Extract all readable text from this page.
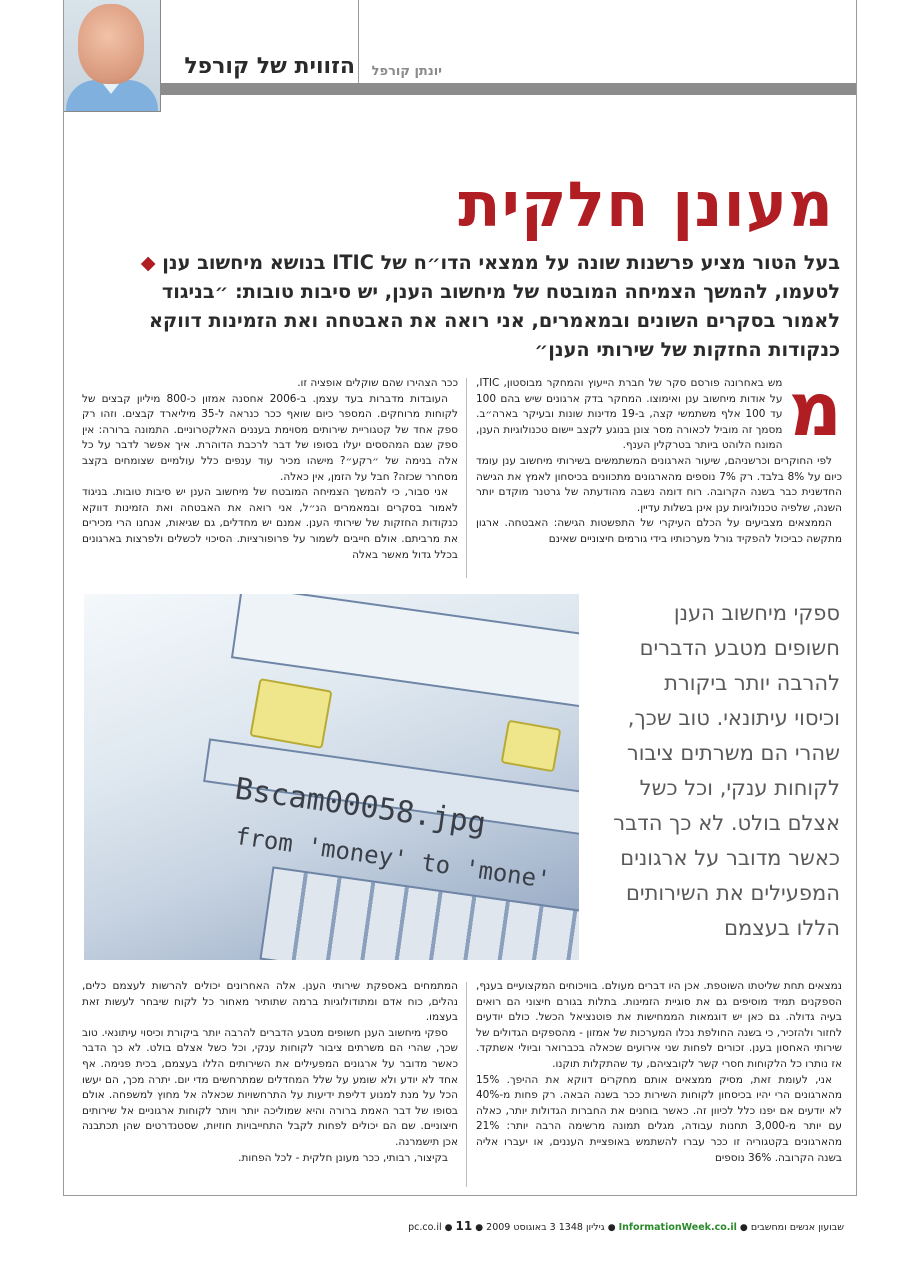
הזווית של קורפל יונתן קורפל
מעונן חלקית
בעל הטור מציע פרשנות שונה על ממצאי הדו״ח של ITIC בנושא מיחשוב ענן ◆ לטעמו, להמשך הצמיחה המובטח של מיחשוב הענן, יש סיבות טובות: ״בניגוד לאמור בסקרים השונים ובמאמרים, אני רואה את האבטחה ואת הזמינות דווקא כנקודות החזקות של שירותי הענן״
מ

מש באחרונה פורסם סקר של חברת הייעוץ והמחקר מבוסטון, ITIC, על אודות מיחשוב ענן ואימוצו. המחקר בדק ארגונים שיש בהם 100 עד 100 אלף משתמשי קצה, ב-19 מדינות שונות ובעיקר בארה״ב. מסמך זה מוביל לכאורה מסר צונן בנוגע לקצב יישום טכנולוגיות הענן, המונח הלוהט ביותר בטרקלין הענף.

לפי החוקרים וכרשניהם, שיעור הארגונים המשתמשים בשירותי מיחשוב ענן עומד כיום על 8% בלבד. רק 7% נוספים מהארגונים מתכוונים בכיסחון לאמץ את הגישה החדשנית כבר בשנה הקרובה. רוח דומה נשבה מהודעתה של גרטנר מוקדם יותר השנה, שלפיה טכנולוגיות ענן אינן בשלות עדיין.

הממצאים מצביעים על הכלם העיקרי של התפשטות הגישה: האבטחה. ארגון מתקשה כביכול להפקיד גורל מערכותיו בידי גורמים חיצוניים שאינם

ככר הצהירו שהם שוקלים אופציה זו.

העובדות מדברות בעד עצמן. ב-2006 אחסנה אמזון כ-800 מיליון קבצים של לקוחות מרוחקים. המספר כיום שואף ככר כנראה ל-35 מיליארד קבצים. וזהו רק ספק אחד של קטגוריית שירותים מסוימת בעננים האלקטרוניים. התמונה ברורה: אין ספק שגם המהססים יעלו בסופו של דבר לרכבת הדוהרת. איך אפשר לדבר על כל אלה בנימה של ״רקע״? מישהו מכיר עוד ענפים כלל עולמיים שצומחים בקצב מסחרר שכזה? חבל על הזמן, אין כאלה.

אני סבור, כי להמשך הצמיחה המובטח של מיחשוב הענן יש סיבות טובות. בניגוד לאמור בסקרים ובמאמרים הנ״ל, אני רואה את האבטחה ואת הזמינות דווקא כנקודות החזקות של שירותי הענן. אמנם יש מחדלים, גם שגיאות, אנחנו הרי מכירים את מרביתם. אולם חייבים לשמור על פרופורציות. הסיכוי לכשלים ולפרצות בארגונים בכלל גדול מאשר באלה

Bscam00058.jpg
from 'money' to 'mone'
ספקי מיחשוב הענן
חשופים מטבע הדברים
להרבה יותר ביקורת
וכיסוי עיתונאי. טוב שכך,
שהרי הם משרתים ציבור
לקוחות ענקי, וכל כשל
אצלם בולט. לא כך הדבר
כאשר מדובר על ארגונים
המפעילים את השירותים
הללו בעצמם

נמצאים תחת שליטתו השוטפת. אכן היו דברים מעולם. בוויכוחים המקצועיים בענף, הספקנים תמיד מוסיפים גם את סוגיית הזמינות. בתלות בגורם חיצוני הם רואים בעיה גדולה. גם כאן יש דוגמאות הממחישות את פוטנציאל הכשל. כולם יודעים לחזור ולהזכיר, כי בשנה החולפת נכלו המערכות של אמזון - מהספקים הגדולים של שירותי האחסון בענן. זכורים לפחות שני אירועים שכאלה בכברואר וביולי אשתקד. אז נותרו כל הלקוחות חסרי קשר לקובציהם, עד שהתקלות תוקנו.

אני, לעומת זאת, מסיק ממצאים אותם מחקרים דווקא את ההיפך. 15% מהארגונים הרי יהיו בכיסחון לקוחות השירות ככר בשנה הבאה. רק פחות מ-40% לא יודעים אם יפנו כלל לכיוון זה. כאשר בוחנים את החברות הגדולות יותר, כאלה עם יותר מ-3,000 תחנות עבודה, מגלים תמונה מרשימה הרבה יותר: 21% מהארגונים בקטגוריה זו ככר עברו להשתמש באופציית העננים, או יעברו אליה בשנה הקרובה. 36% נוספים

המתמחים באספקת שירותי הענן. אלה האחרונים יכולים להרשות לעצמם כלים, נהלים, כוח אדם ומתודולוגיות ברמה שתותיר מאחור כל לקוח שיבחר לעשות זאת בעצמו.

ספקי מיחשוב הענן חשופים מטבע הדברים להרבה יותר ביקורת וכיסוי עיתונאי. טוב שכך, שהרי הם משרתים ציבור לקוחות ענקי, וכל כשל אצלם בולט. לא כך הדבר כאשר מדובר על ארגונים המפעילים את השירותים הללו בעצמם, בכית פנימה. אף אחד לא יודע ולא שומע על שלל המחדלים שמתרחשים מדי יום. יתרה מכך, הם יעשו הכל על מנת למנוע דליפת ידיעות על התרחשויות שכאלה אל מחוץ למשפחה. אולם בסופו של דבר האמת ברורה והיא שמוליכה יותר ויותר לקוחות ארגוניים אל שירותים חיצוניים. שם הם יכולים לפחות לקבל התחייבויות חוזיות, שסטנדרטים שהן תכתבנה אכן תישמרנה.

בקיצור, רבותי, ככר מעונן חלקית - לכל הפחות.

שבועון אנשים ומחשבים ● InformationWeek.co.il ● גיליון 1348 3 באוגוסט 2009 ● pc.co.il ● 11
